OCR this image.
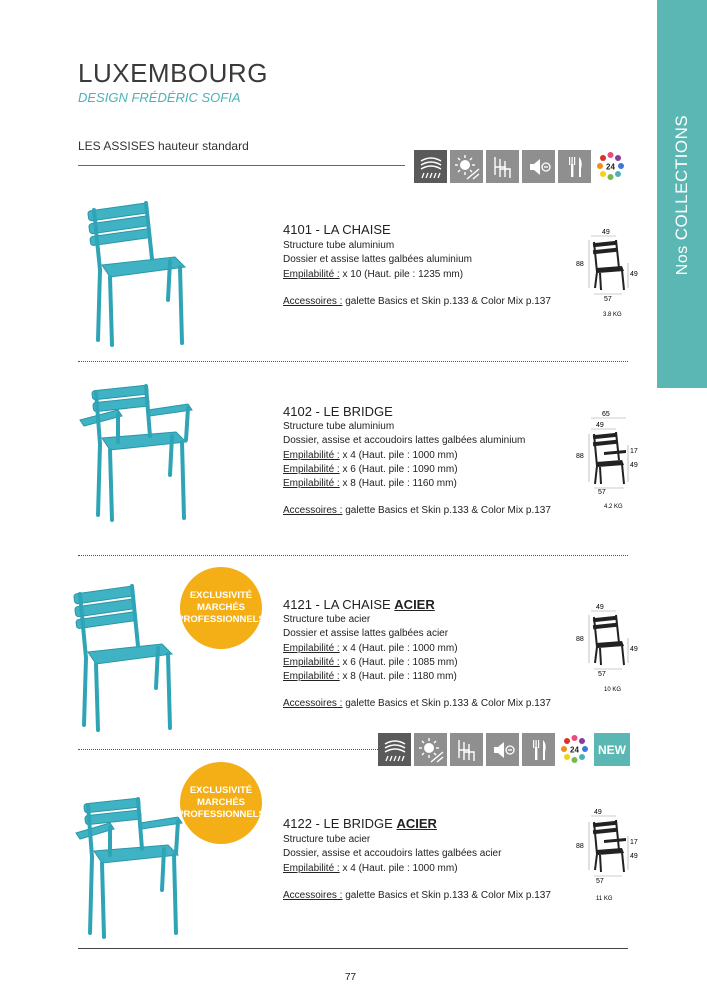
LUXEMBOURG
DESIGN FRÉDÉRIC SOFIA
LES ASSISES hauteur standard
Nos COLLECTIONS
24
4101 - LA CHAISE
Structure tube aluminium
Dossier et assise lattes galbées aluminium
Empilabilité : x 10 (Haut. pile : 1235 mm)
Accessoires : galette Basics et Skin p.133 & Color Mix p.137
49
88
49
57
3.8 KG
4102 - LE BRIDGE
Structure tube aluminium
Dossier, assise et accoudoirs lattes galbées aluminium
Empilabilité : x 4 (Haut. pile : 1000 mm)
Empilabilité : x 6 (Haut. pile : 1090 mm)
Empilabilité : x 8 (Haut. pile : 1160 mm)
Accessoires : galette Basics et Skin p.133 & Color Mix p.137
65
49
88
17
49
57
4.2 KG
EXCLUSIVITÉ MARCHÉS PROFESSIONNELS
4121 - LA CHAISE ACIER
Structure tube acier
Dossier et assise lattes galbées acier
Empilabilité : x 4 (Haut. pile : 1000 mm)
Empilabilité : x 6 (Haut. pile : 1085 mm)
Empilabilité : x 8 (Haut. pile : 1180 mm)
Accessoires : galette Basics et Skin p.133 & Color Mix p.137
49
88
49
57
10 KG
24 NEW
EXCLUSIVITÉ MARCHÉS PROFESSIONNELS
4122 - LE BRIDGE ACIER
Structure tube acier
Dossier, assise et accoudoirs lattes galbées acier
Empilabilité : x 4 (Haut. pile : 1000 mm)
Accessoires : galette Basics et Skin p.133 & Color Mix p.137
49
88
17
49
57
11 KG
77
